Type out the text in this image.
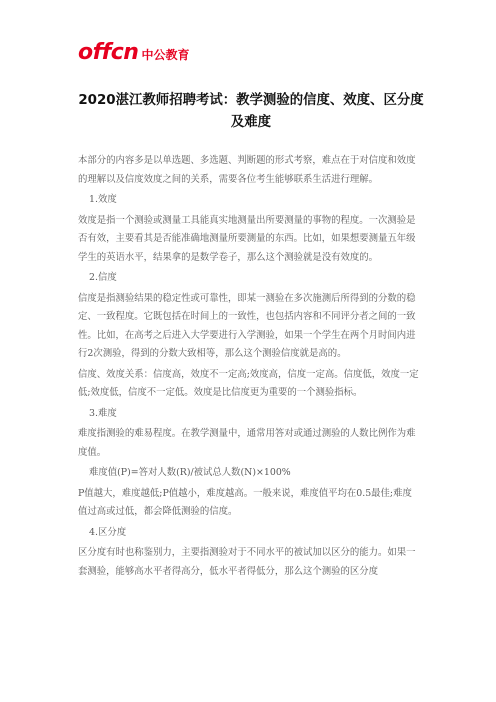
offcn 中公教育
2020湛江教师招聘考试：教学测验的信度、效度、区分度及难度

本部分的内容多是以单选题、多选题、判断题的形式考察，难点在于对信度和效度的理解以及信度效度之间的关系，需要各位考生能够联系生活进行理解。

1.效度

效度是指一个测验或测量工具能真实地测量出所要测量的事物的程度。一次测验是否有效，主要看其是否能准确地测量所要测量的东西。比如，如果想要测量五年级学生的英语水平，结果拿的是数学卷子，那么这个测验就是没有效度的。

2.信度

信度是指测验结果的稳定性或可靠性，即某一测验在多次施测后所得到的分数的稳定、一致程度。它既包括在时间上的一致性，也包括内容和不同评分者之间的一致性。比如，在高考之后进入大学要进行入学测验，如果一个学生在两个月时间内进行2次测验，得到的分数大致相等，那么这个测验信度就是高的。

信度、效度关系：信度高，效度不一定高;效度高，信度一定高。信度低，效度一定低;效度低，信度不一定低。效度是比信度更为重要的一个测验指标。

3.难度

难度指测验的难易程度。在教学测量中，通常用答对或通过测验的人数比例作为难度值。

难度值(P)=答对人数(R)/被试总人数(N)×100%

P值越大，难度越低;P值越小，难度越高。一般来说，难度值平均在0.5最佳;难度值过高或过低，都会降低测验的信度。

4.区分度

区分度有时也称鉴别力，主要指测验对于不同水平的被试加以区分的能力。如果一套测验，能够高水平者得高分，低水平者得低分，那么这个测验的区分度
